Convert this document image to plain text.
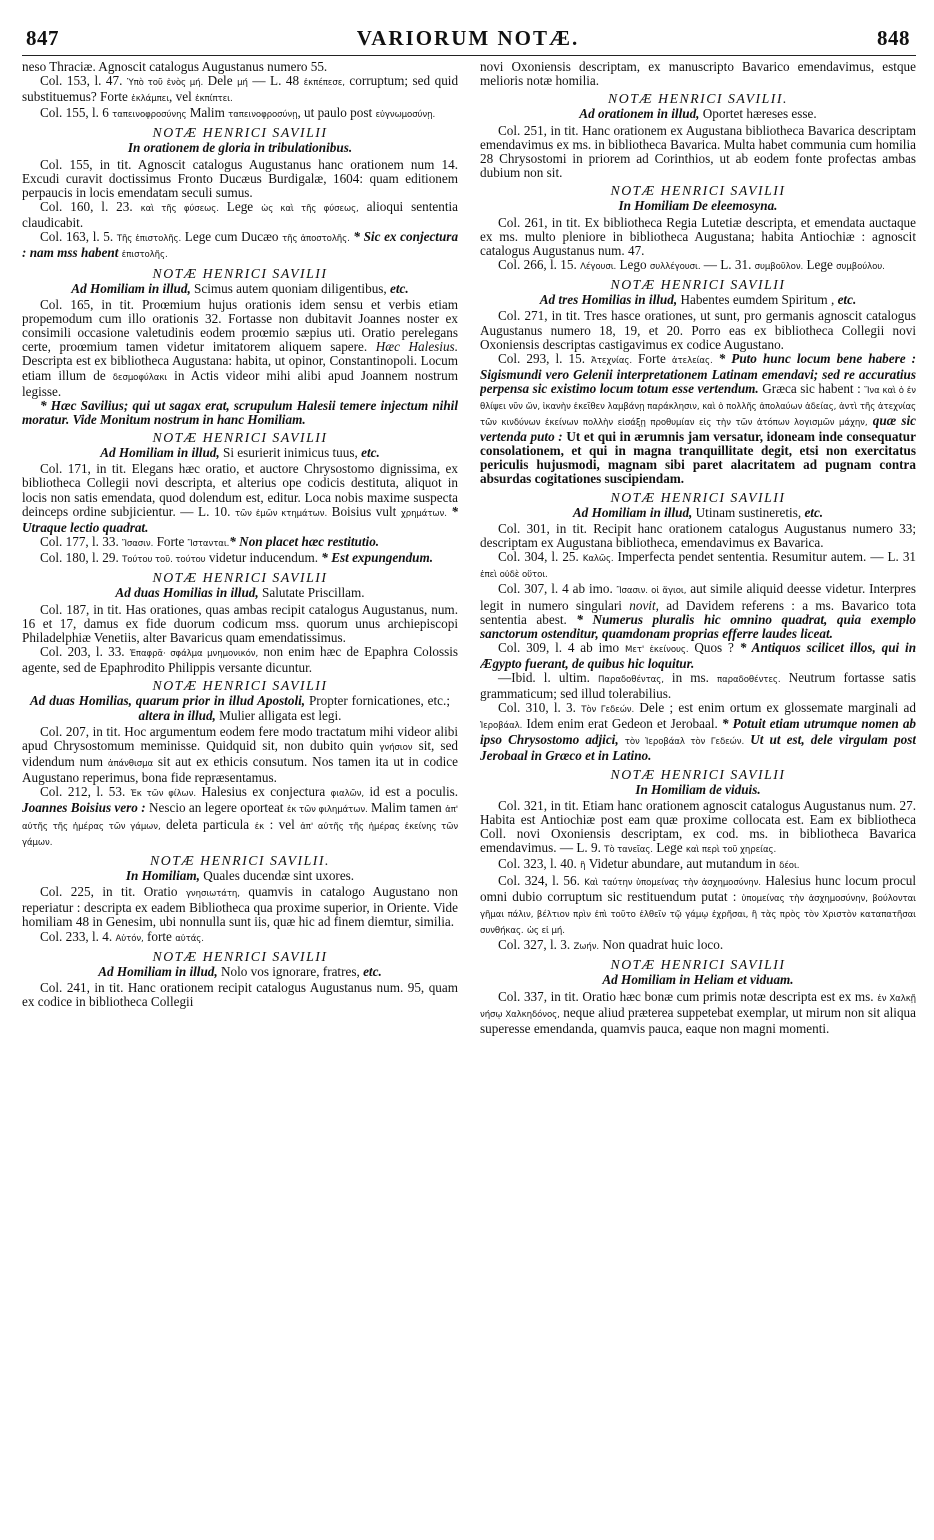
847	VARIORUM NOTÆ.	848

neso Thraciæ. Agnoscit catalogus Augustanus numero 55.

Col. 153, l. 47. Ὑπὸ τοῦ ἑνὸς μή. Dele μή — L. 48 ἐκπέπεσε, corruptum; sed quid substituemus? Forte ἐκλάμπει, vel ἐκπίπτει.

Col. 155, l. 6 ταπεινοφροσύνης Malim ταπεινοφροσύνῃ, ut paulo post εὐγνωμοσύνῃ.

NOTÆ HENRICI SAVILII
In orationem de gloria in tribulationibus.

Col. 155, in tit. Agnoscit catalogus Augustanus hanc orationem num 14. Excudi curavit doctissimus Fronto Ducæus Burdigalæ, 1604: quam editionem perpaucis in locis emendatam seculi sumus.

Col. 160, l. 23. καὶ τῆς φύσεως. Lege ὡς καὶ τῆς φύσεως, alioqui sententia claudicabit.

Col. 163, l. 5. Τῆς ἐπιστολῆς. Lege cum Ducæo τῆς ἀποστολῆς. * Sic ex conjectura : nam mss habent ἐπιστολῆς.

NOTÆ HENRICI SAVILII
Ad Homiliam in illud, Scimus autem quoniam diligentibus, etc.

Col. 165, in tit. Proœmium hujus orationis idem sensu et verbis etiam propemodum cum illo orationis 32. Fortasse non dubitavit Joannes noster ex consimili occasione valetudinis eodem proœmio sæpius uti. Oratio perelegans certe, proœmium tamen videtur imitatorem aliquem sapere. Hæc Halesius. Descripta est ex bibliotheca Augustana: habita, ut opinor, Constantinopoli. Locum etiam illum de δεσμοφύλακι in Actis videor mihi alibi apud Joannem nostrum legisse.

* Hæc Savilius; qui ut sagax erat, scrupulum Halesii temere injectum nihil moratur. Vide Monitum nostrum in hanc Homiliam.

NOTÆ HENRICI SAVILII
Ad Homiliam in illud, Si esurierit inimicus tuus, etc.

Col. 171, in tit. Elegans hæc oratio, et auctore Chrysostomo dignissima, ex bibliotheca Collegii novi descripta, et alterius ope codicis destituta, aliquot in locis non satis emendata, quod dolendum est, editur. Loca nobis maxime suspecta deinceps ordine subjicientur. — L. 10. τῶν ἐμῶν κτημάτων. Boisius vult χρημάτων. * Utraque lectio quadrat.

Col. 177, l. 33. Ἴσασιν. Forte Ἴστανται.* Non placet hæc restitutio.

Col. 180, l. 29. Τούτου τοῦ. τούτου videtur inducendum. * Est expungendum.

NOTÆ HENRICI SAVILII
Ad duas Homilias in illud, Salutate Priscillam.

Col. 187, in tit. Has orationes, quas ambas recipit catalogus Augustanus, num. 16 et 17, damus ex fide duorum codicum mss. quorum unus archiepiscopi Philadelphiæ Venetiis, alter Bavaricus quam emendatissimus.

Col. 203, l. 33. Ἐπαφρᾶ· σφάλμα μνημονικόν, non enim hæc de Epaphra Colossis agente, sed de Epaphrodito Philippis versante dicuntur.

NOTÆ HENRICI SAVILII
Ad duas Homilias, quarum prior in illud Apostoli, Propter fornicationes, etc.; altera in illud, Mulier alligata est legi.

Col. 207, in tit. Hoc argumentum eodem fere modo tractatum mihi videor alibi apud Chrysostomum meminisse. Quidquid sit, non dubito quin γνήσιον sit, sed videndum num ἀπάνθισμα sit aut ex ethicis consutum. Nos tamen ita ut in codice Augustano reperimus, bona fide repræsentamus.

Col. 212, l. 53. Ἐκ τῶν φίλων. Halesius ex conjectura φιαλῶν, id est a poculis. Joannes Boisius vero : Nescio an legere oporteat ἐκ τῶν φιλημάτων. Malim tamen ἀπ' αὐτῆς τῆς ἡμέρας τῶν γάμων, deleta particula ἐκ : vel ἀπ' αὐτῆς τῆς ἡμέρας ἐκείνης τῶν γάμων.

NOTÆ HENRICI SAVILII.
In Homiliam, Quales ducendæ sint uxores.

Col. 225, in tit. Oratio γνησιωτάτη, quamvis in catalogo Augustano non reperiatur : descripta ex eadem Bibliotheca qua proxime superior, in Oriente. Vide homiliam 48 in Genesim, ubi nonnulla sunt iis, quæ hic ad finem diemtur, similia.

Col. 233, l. 4. Αὐτόν, forte αὐτάς.

NOTÆ HENRICI SAVILII
Ad Homiliam in illud, Nolo vos ignorare, fratres, etc.

Col. 241, in tit. Hanc orationem recipit catalogus Augustanus num. 95, quam ex codice in bibliotheca Collegii

novi Oxoniensis descriptam, ex manuscripto Bavarico emendavimus, estque melioris notæ homilia.

NOTÆ HENRICI SAVILII.
Ad orationem in illud, Oportet hæreses esse.

Col. 251, in tit. Hanc orationem ex Augustana bibliotheca Bavarica descriptam emendavimus ex ms. in bibliotheca Bavarica. Multa habet communia cum homilia 28 Chrysostomi in priorem ad Corinthios, ut ab eodem fonte profectas ambas dubium non sit.

NOTÆ HENRICI SAVILII
In Homiliam De eleemosyna.

Col. 261, in tit. Ex bibliotheca Regia Lutetiæ descripta, et emendata auctaque ex ms. multo pleniore in bibliotheca Augustana; habita Antiochiæ : agnoscit catalogus Augustanus num. 47.

Col. 266, l. 15. Λέγουσι. Lego συλλέγουσι. — L. 31. συμβοῦλον. Lege συμβούλου.

NOTÆ HENRICI SAVILII
Ad tres Homilias in illud, Habentes eumdem Spiritum , etc.

Col. 271, in tit. Tres hasce orationes, ut sunt, pro germanis agnoscit catalogus Augustanus numero 18, 19, et 20. Porro eas ex bibliotheca Collegii novi Oxoniensis descriptas castigavimus ex codice Augustano.

Col. 293, l. 15. Ἀτεχνίας. Forte ἀτελείας. * Puto hunc locum bene habere : Sigismundi vero Gelenii interpretationem Latinam emendavi; sed re accuratius perpensa sic existimo locum totum esse vertendum. Græca sic habent : Ἵνα καὶ ὁ ἐν θλίψει νῦν ὤν, ἱκανὴν ἐκεῖθεν λαμβάνῃ παράκλησιν, καὶ ὁ πολλῆς ἀπολαύων ἀδείας, ἀντὶ τῆς ἀτεχνίας τῶν κινδύνων ἐκείνων πολλὴν εἰσάξῃ προθυμίαν εἰς τὴν τῶν ἀτόπων λογισμῶν μάχην, quæ sic vertenda puto : Ut et qui in ærumnis jam versatur, idoneam inde consequatur consolationem, et qui in magna tranquillitate degit, etsi non exercitatus periculis hujusmodi, magnam sibi paret alacritatem ad pugnam contra absurdas cogitationes suscipiendam.

NOTÆ HENRICI SAVILII
Ad Homiliam in illud, Utinam sustineretis, etc.

Col. 301, in tit. Recipit hanc orationem catalogus Augustanus numero 33; descriptam ex Augustana bibliotheca, emendavimus ex Bavarica.

Col. 304, l. 25. Καλῶς. Imperfecta pendet sententia. Resumitur autem. — L. 31 ἐπεὶ οὐδὲ οὕτοι.

Col. 307, l. 4 ab imo. Ἴσασιν. οἱ ἅγιοι, aut simile aliquid deesse videtur. Interpres legit in numero singulari novit, ad Davidem referens : a ms. Bavarico tota sententia abest. * Numerus pluralis hic omnino quadrat, quia exemplo sanctorum ostenditur, quamdonam proprias efferre laudes liceat.

Col. 309, l. 4 ab imo Μετ' ἐκείνους. Quos ? * Antiquos scilicet illos, qui in Ægypto fuerant, de quibus hic loquitur.

—Ibid. l. ultim. Παραδοθέντας, in ms. παραδοθέντες. Neutrum fortasse satis grammaticum; sed illud tolerabilius.

Col. 310, l. 3. Τὸν Γεδεών. Dele ; est enim ortum ex glossemate marginali ad Ἱεροβάαλ. Idem enim erat Gedeon et Jerobaal. * Potuit etiam utrumque nomen ab ipso Chrysostomo adjici, τὸν Ἱεροβάαλ τὸν Γεδεών. Ut ut est, dele virgulam post Jerobaal in Græco et in Latino.

NOTÆ HENRICI SAVILII
In Homiliam de viduis.

Col. 321, in tit. Etiam hanc orationem agnoscit catalogus Augustanus num. 27. Habita est Antiochiæ post eam quæ proxime collocata est. Eam ex bibliotheca Coll. novi Oxoniensis descriptam, ex cod. ms. in bibliotheca Bavarica emendavimus. — L. 9. Τὸ τανεῖας. Lege καὶ περὶ τοῦ χηρείας.

Col. 323, l. 40. ἢ Videtur abundare, aut mutandum in δέοι.

Col. 324, l. 56. Καὶ ταύτην ὑπομείνας τὴν ἀσχημοσύνην. Halesius hunc locum procul omni dubio corruptum sic restituendum putat : ὑπομείνας τὴν ἀσχημοσύνην, βούλονται γῆμαι πάλιν, βέλτιον πρὶν ἐπὶ τοῦτο ἐλθεῖν τῷ γάμῳ ἐχρῆσαι, ἢ τὰς πρὸς τὸν Χριστὸν καταπατῆσαι συνθήκας. ὡς εἰ μή.

Col. 327, l. 3. Ζωήν. Non quadrat huic loco.

NOTÆ HENRICI SAVILII
Ad Homiliam in Heliam et viduam.

Col. 337, in tit. Oratio hæc bonæ cum primis notæ descripta est ex ms. ἐν Χαλκῇ νήσῳ Χαλκηδόνος, neque aliud præterea suppetebat exemplar, ut mirum non sit aliqua superesse emendanda, quamvis pauca, eaque non magni momenti.
